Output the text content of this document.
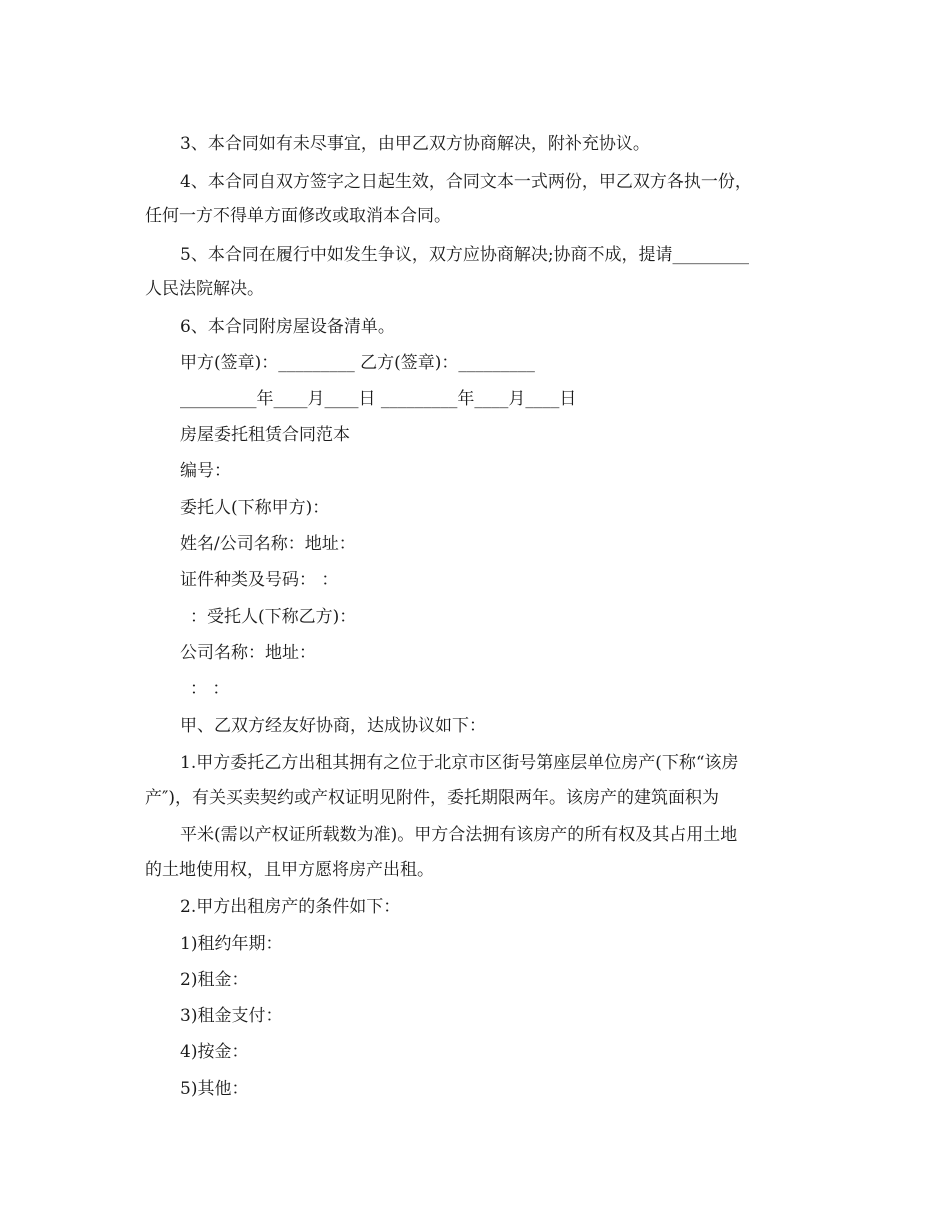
3、本合同如有未尽事宜，由甲乙双方协商解决，附补充协议。
4、本合同自双方签字之日起生效，合同文本一式两份，甲乙双方各执一份，
任何一方不得单方面修改或取消本合同。
5、本合同在履行中如发生争议，双方应协商解决;协商不成，提请_________
人民法院解决。
6、本合同附房屋设备清单。
甲方(签章)：_________ 乙方(签章)：_________
_________年____月____日 _________年____月____日
房屋委托租赁合同范本
编号：
委托人(下称甲方)：
姓名/公司名称：地址：
证件种类及号码： ：
：受托人(下称乙方)：
公司名称：地址：
： ：
甲、乙双方经友好协商，达成协议如下：
1.甲方委托乙方出租其拥有之位于北京市区街号第座层单位房产(下称“该房
产″)，有关买卖契约或产权证明见附件，委托期限两年。该房产的建筑面积为
平米(需以产权证所载数为准)。甲方合法拥有该房产的所有权及其占用土地
的土地使用权，且甲方愿将房产出租。
2.甲方出租房产的条件如下：
1)租约年期：
2)租金：
3)租金支付：
4)按金：
5)其他：
